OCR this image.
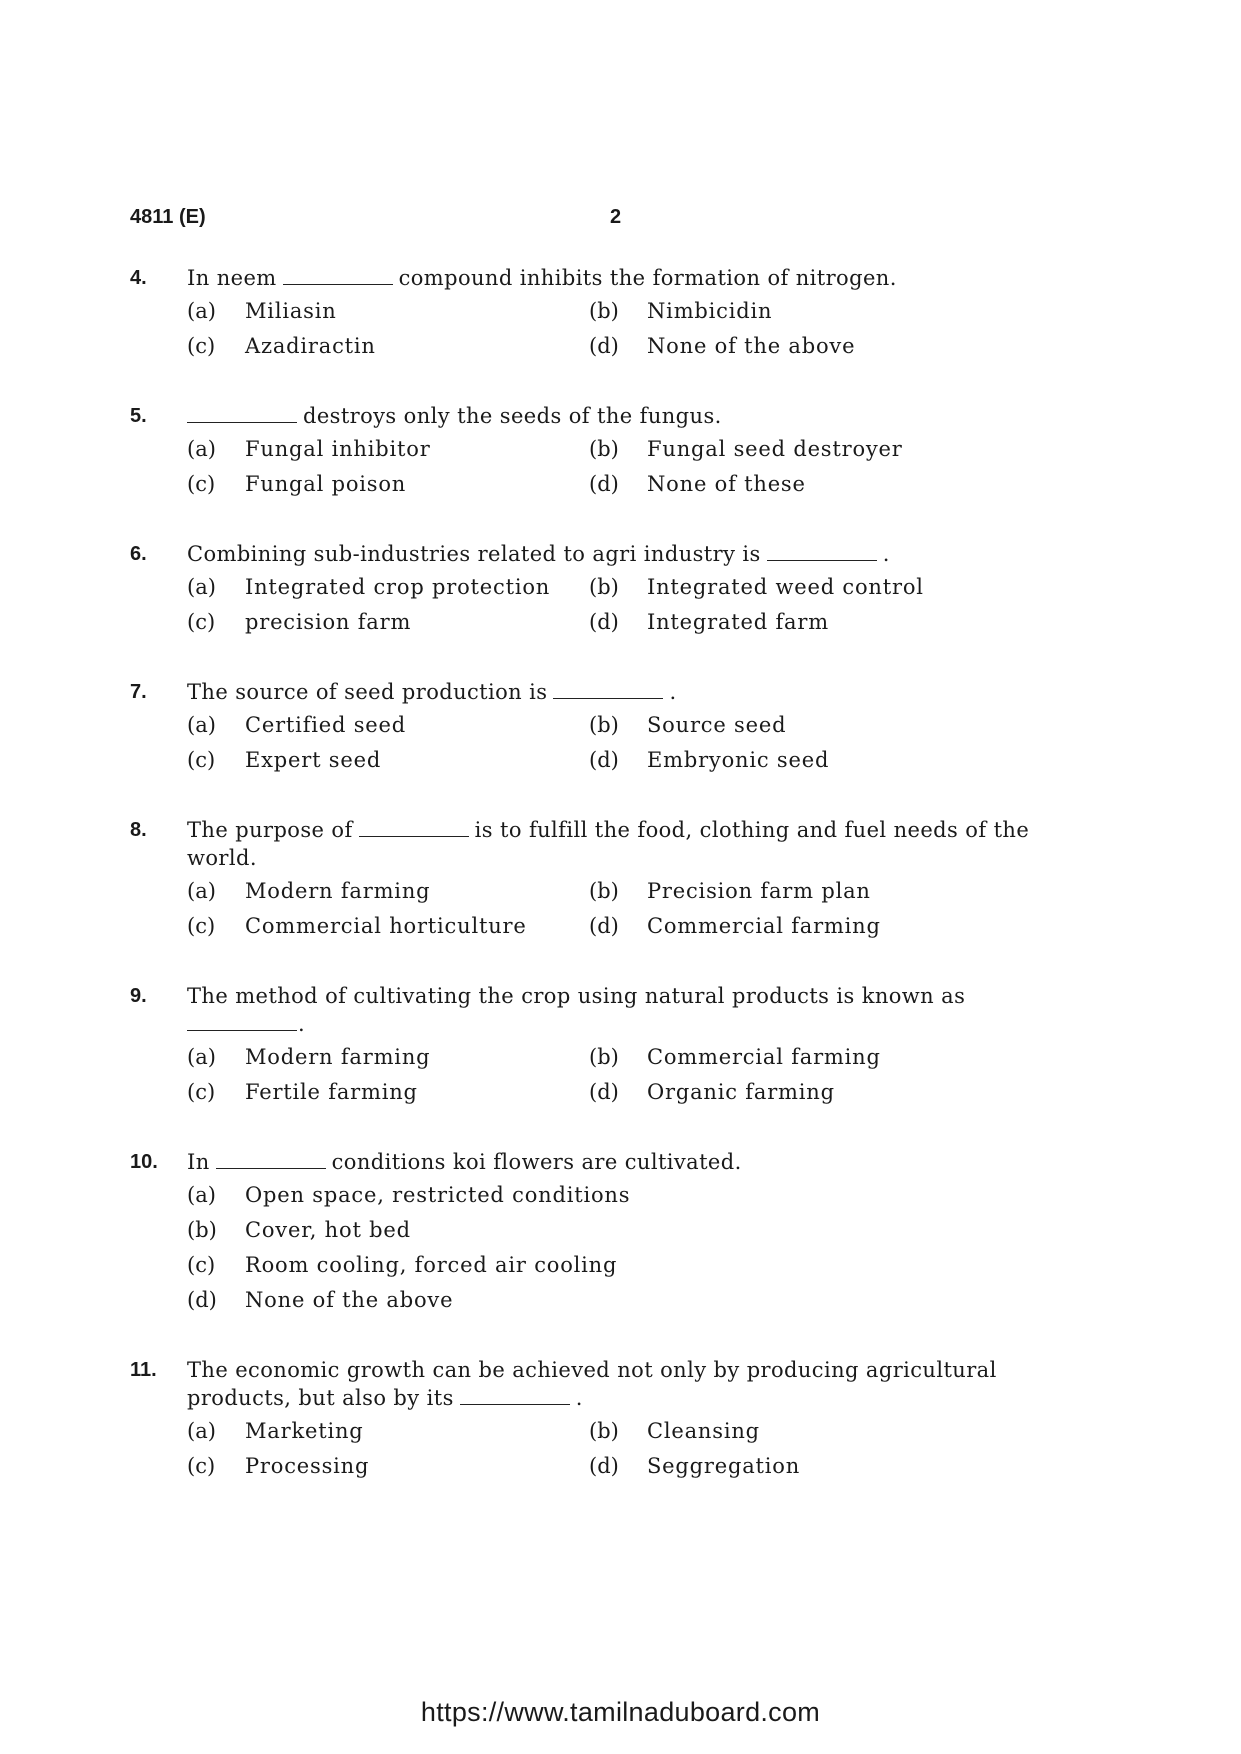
4811 (E)	2
4.	In neem	compound inhibits the formation of nitrogen.
(a) Miliasin	(b) Nimbicidin
(c) Azadiractin	(d) None of the above
5.	destroys only the seeds of the fungus.
(a) Fungal inhibitor	(b) Fungal seed destroyer
(c) Fungal poison	(d) None of these
6.	Combining sub-industries related to agri industry is	.
(a) Integrated crop protection (b) Integrated weed control
(c) precision farm	(d) Integrated farm
7.	The source of seed production is	.
(a) Certified seed	(b) Source seed
(c) Expert seed	(d) Embryonic seed
8.	The purpose of	is to fulfill the food, clothing and fuel needs of the world.
(a) Modern farming	(b) Precision farm plan
(c) Commercial horticulture	(d) Commercial farming
9.	The method of cultivating the crop using natural products is known as
.
(a) Modern farming	(b) Commercial farming
(c) Fertile farming	(d) Organic farming
10.	In	conditions koi flowers are cultivated.
(a) Open space, restricted conditions
(b) Cover, hot bed
(c) Room cooling, forced air cooling
(d) None of the above
11.	The economic growth can be achieved not only by producing agricultural products, but also by its	.
(a) Marketing	(b) Cleansing
(c) Processing	(d) Seggregation
https://www.tamilnaduboard.com
